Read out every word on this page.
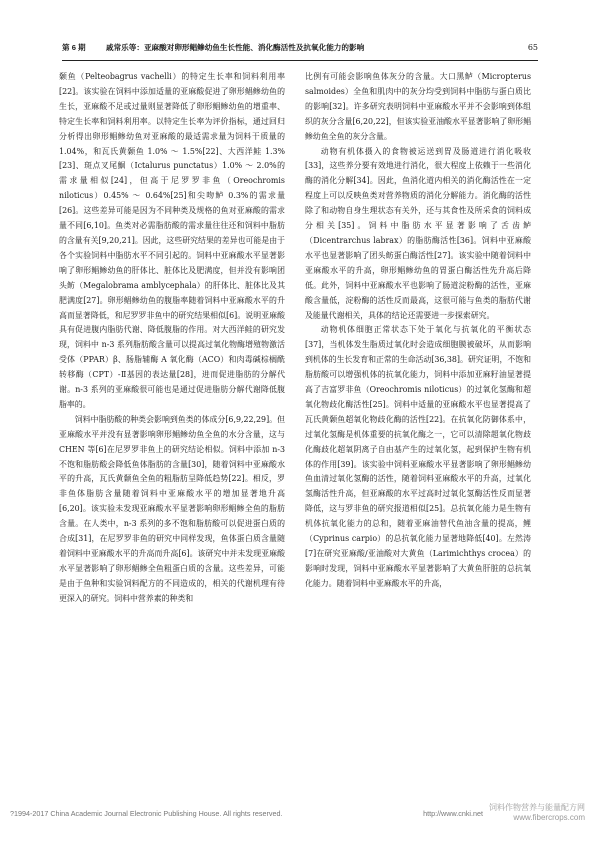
第 6 期	戚常乐等：亚麻酸对卵形鲳鲹幼鱼生长性能、消化酶活性及抗氧化能力的影响	65

颡鱼（Pelteobagrus vachelli）的特定生长率和饲料利用率[22]。该实验在饲料中添加适量的亚麻酸促进了卵形鲳鲹幼鱼的生长，亚麻酸不足或过量则显著降低了卵形鲳鲹幼鱼的增重率、特定生长率和饲料利用率。以特定生长率为评价指标，通过回归分析得出卵形鲳鲹幼鱼对亚麻酸的最适需求量为饲料干质量的 1.04%，和瓦氏黄颡鱼 1.0% ～ 1.5%[22]、大西洋鲑 1.3%[23]、斑点叉尾鮰（Ictalurus punctatus）1.0% ～ 2.0%的需求量相似[24]，但高于尼罗罗非鱼（Oreochromis niloticus）0.45% ～ 0.64%[25]和尖吻鲈 0.3%的需求量[26]。这些差异可能是因为不同种类及规格的鱼对亚麻酸的需求量不同[6,10]。鱼类对必需脂肪酸的需求量往往还和饲料中脂肪的含量有关[9,20,21]。因此，这些研究结果的差异也可能是由于各个实验饲料中脂肪水平不同引起的。饲料中亚麻酸水平显著影响了卵形鲳鲹幼鱼的肝体比、脏体比及肥满度，但并没有影响团头鲂（Megalobrama amblycephala）的肝体比、脏体比及其肥满度[27]。卵形鲳鲹幼鱼的腹脂率随着饲料中亚麻酸水平的升高而显著降低，和尼罗罗非鱼中的研究结果相似[6]。说明亚麻酸具有促进腹内脂肪代谢、降低腹脂的作用。对大西洋鲑的研究发现，饲料中 n-3 系列脂肪酸含量可以提高过氧化物酶增殖物激活受体（PPAR）β、肠脂辅酶 A 氧化酶（ACO）和肉毒碱棕榈酰转移酶（CPT）-Ⅱ基因的表达量[28]，进而促进脂肪的分解代谢。n-3 系列的亚麻酸很可能也是通过促进脂肪分解代谢降低腹脂率的。

饲料中脂肪酸的种类会影响到鱼类的体成分[6,9,22,29]。但亚麻酸水平并没有显著影响卵形鲳鲹幼鱼全鱼的水分含量，这与 CHEN 等[6]在尼罗罗非鱼上的研究结论相似。饲料中添加 n-3 不饱和脂肪酸会降低鱼体脂肪的含量[30]，随着饲料中亚麻酸水平的升高，瓦氏黄颡鱼全鱼的粗脂肪呈降低趋势[22]。相反，罗非鱼体脂肪含量随着饲料中亚麻酸水平的增加显著地升高[6,20]。该实验未发现亚麻酸水平显著影响卵形鲳鲹全鱼的脂肪含量。在人类中，n-3 系列的多不饱和脂肪酸可以促进蛋白质的合成[31]，在尼罗罗非鱼的研究中同样发现，鱼体蛋白质含量随着饲料中亚麻酸水平的升高而升高[6]。该研究中并未发现亚麻酸水平显著影响了卵形鲳鲹全鱼粗蛋白质的含量。这些差异，可能是由于鱼种和实验饲料配方的不同造成的，相关的代谢机理有待更深入的研究。饲料中营养素的种类和

比例有可能会影响鱼体灰分的含量。大口黑鲈（Micropterus salmoides）全鱼和肌肉中的灰分均受到饲料中脂肪与蛋白质比的影响[32]。许多研究表明饲料中亚麻酸水平并不会影响到体组织的灰分含量[6,20,22]，但该实验亚油酸水平显著影响了卵形鲳鲹幼鱼全鱼的灰分含量。

动物有机体摄入的食物被运送到胃及肠道进行消化吸收[33]，这些养分要有效地进行消化，很大程度上依赖于一些消化酶的消化分解[34]。因此，鱼消化道内相关的消化酶活性在一定程度上可以反映鱼类对营养物质的消化分解能力。消化酶的活性除了和动物自身生理状态有关外，还与其食性及所采食的饲料成分相关[35]。饲料中脂肪水平显著影响了舌齿鲈（Dicentrarchus labrax）的脂肪酶活性[36]。饲料中亚麻酸水平也显著影响了团头鲂蛋白酶活性[27]。该实验中随着饲料中亚麻酸水平的升高，卵形鲳鲹幼鱼的胃蛋白酶活性先升高后降低。此外，饲料中亚麻酸水平也影响了肠道淀粉酶的活性，亚麻酸含量低，淀粉酶的活性反而最高，这很可能与鱼类的脂肪代谢及能量代谢相关，具体的结论还需要进一步探索研究。

动物机体细胞正常状态下处于氧化与抗氧化的平衡状态[37]，当机体发生脂质过氧化时会造成细胞膜被破坏，从而影响到机体的生长发育和正常的生命活动[36,38]。研究证明，不饱和脂肪酸可以增强机体的抗氧化能力，饲料中添加亚麻籽油显著提高了吉富罗非鱼（Oreochromis niloticus）的过氧化氢酶和超氧化物歧化酶活性[25]。饲料中适量的亚麻酸水平也显著提高了瓦氏黄颡鱼超氧化物歧化酶的活性[22]。在抗氧化防御体系中，过氧化氢酶是机体重要的抗氧化酶之一，它可以清除超氧化物歧化酶歧化超氧阴离子自由基产生的过氧化氢，起到保护生物有机体的作用[39]。该实验中饲料亚麻酸水平显著影响了卵形鲳鲹幼鱼血清过氧化氢酶的活性，随着饲料亚麻酸水平的升高，过氧化氢酶活性升高，但亚麻酸的水平过高时过氧化氢酶活性反而显著降低，这与罗非鱼的研究报道相似[25]。总抗氧化能力是生物有机体抗氧化能力的总和，随着亚麻油替代鱼油含量的提高，鲤（Cyprinus carpio）的总抗氧化能力显著地降低[40]。左然涛[7]在研究亚麻酸/亚油酸对大黄鱼（Larimichthys crocea）的影响时发现，饲料中亚麻酸水平显著影响了大黄鱼肝脏的总抗氧化能力。随着饲料中亚麻酸水平的升高，

?1994-2017 China Academic Journal Electronic Publishing House. All rights reserved.	http://www.cnki.net
饲料作物营养与能量配方网
www.fibercrops.com
